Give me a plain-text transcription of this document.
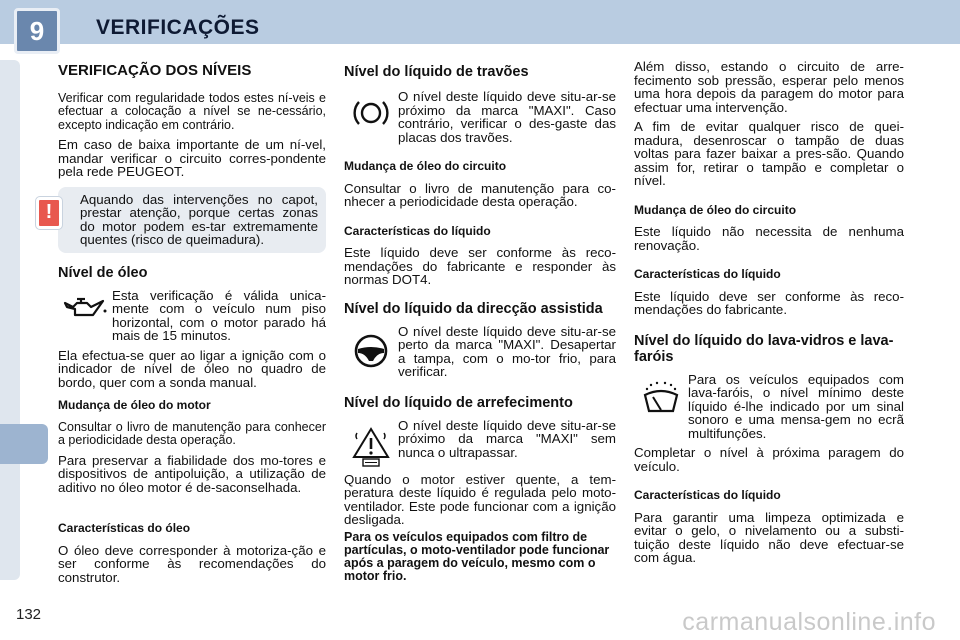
9	VERIFICAÇÕES
VERIFICAÇÃO DOS NÍVEIS
Verificar com regularidade todos estes ní-veis e efectuar a colocação a nível se ne-cessário, excepto indicação em contrário.
Em caso de baixa importante de um ní-vel, mandar verificar o circuito corres-pondente pela rede PEUGEOT.
!
Aquando das intervenções no capot, prestar atenção, porque certas zonas do motor podem es-tar extremamente quentes (risco de queimadura).
Nível de óleo
Esta verificação é válida unica-mente com o veículo num piso horizontal, com o motor parado há mais de 15 minutos.
Ela efectua-se quer ao ligar a ignição com o indicador de nível de óleo no quadro de bordo, quer com a sonda manual.
Mudança de óleo do motor
Consultar o livro de manutenção para conhecer a periodicidade desta operação.
Para preservar a fiabilidade dos mo-tores e dispositivos de antipoluição, a utilização de aditivo no óleo motor é de-saconselhada.
Características do óleo
O óleo deve corresponder à motoriza-ção e ser conforme às recomendações do construtor.
Nível do líquido de travões
O nível deste líquido deve situ-ar-se próximo da marca "MAXI". Caso contrário, verificar o des-gaste das placas dos travões.
Mudança de óleo do circuito
Consultar o livro de manutenção para co-nhecer a periodicidade desta operação.
Características do líquido
Este líquido deve ser conforme às reco-mendações do fabricante e responder às normas DOT4.
Nível do líquido da direcção assistida
O nível deste líquido deve situ-ar-se perto da marca "MAXI". Desapertar a tampa, com o mo-tor frio, para verificar.
Nível do líquido de arrefecimento
O nível deste líquido deve situ-ar-se próximo da marca "MAXI" sem nunca o ultrapassar.
Quando o motor estiver quente, a tem-peratura deste líquido é regulada pelo moto-ventilador. Este pode funcionar com a ignição desligada.
Para os veículos equipados com filtro de partículas, o moto-ventilador pode funcionar após a paragem do veículo, mesmo com o motor frio.
Além disso, estando o circuito de arre-fecimento sob pressão, esperar pelo menos uma hora depois da paragem do motor para efectuar uma intervenção.
A fim de evitar qualquer risco de quei-madura, desenroscar o tampão de duas voltas para fazer baixar a pres-são. Quando assim for, retirar o tampão e completar o nível.
Mudança de óleo do circuito
Este líquido não necessita de nenhuma renovação.
Características do líquido
Este líquido deve ser conforme às reco-mendações do fabricante.
Nível do líquido do lava-vidros e lava-faróis
Para os veículos equipados com lava-faróis, o nível mínimo deste líquido é-lhe indicado por um sinal sonoro e uma mensa-gem no ecrã multifunções.
Completar o nível à próxima paragem do veículo.
Características do líquido
Para garantir uma limpeza optimizada e evitar o gelo, o nivelamento ou a substi-tuição deste líquido não deve efectuar-se com água.
132	carmanualsonline.info
